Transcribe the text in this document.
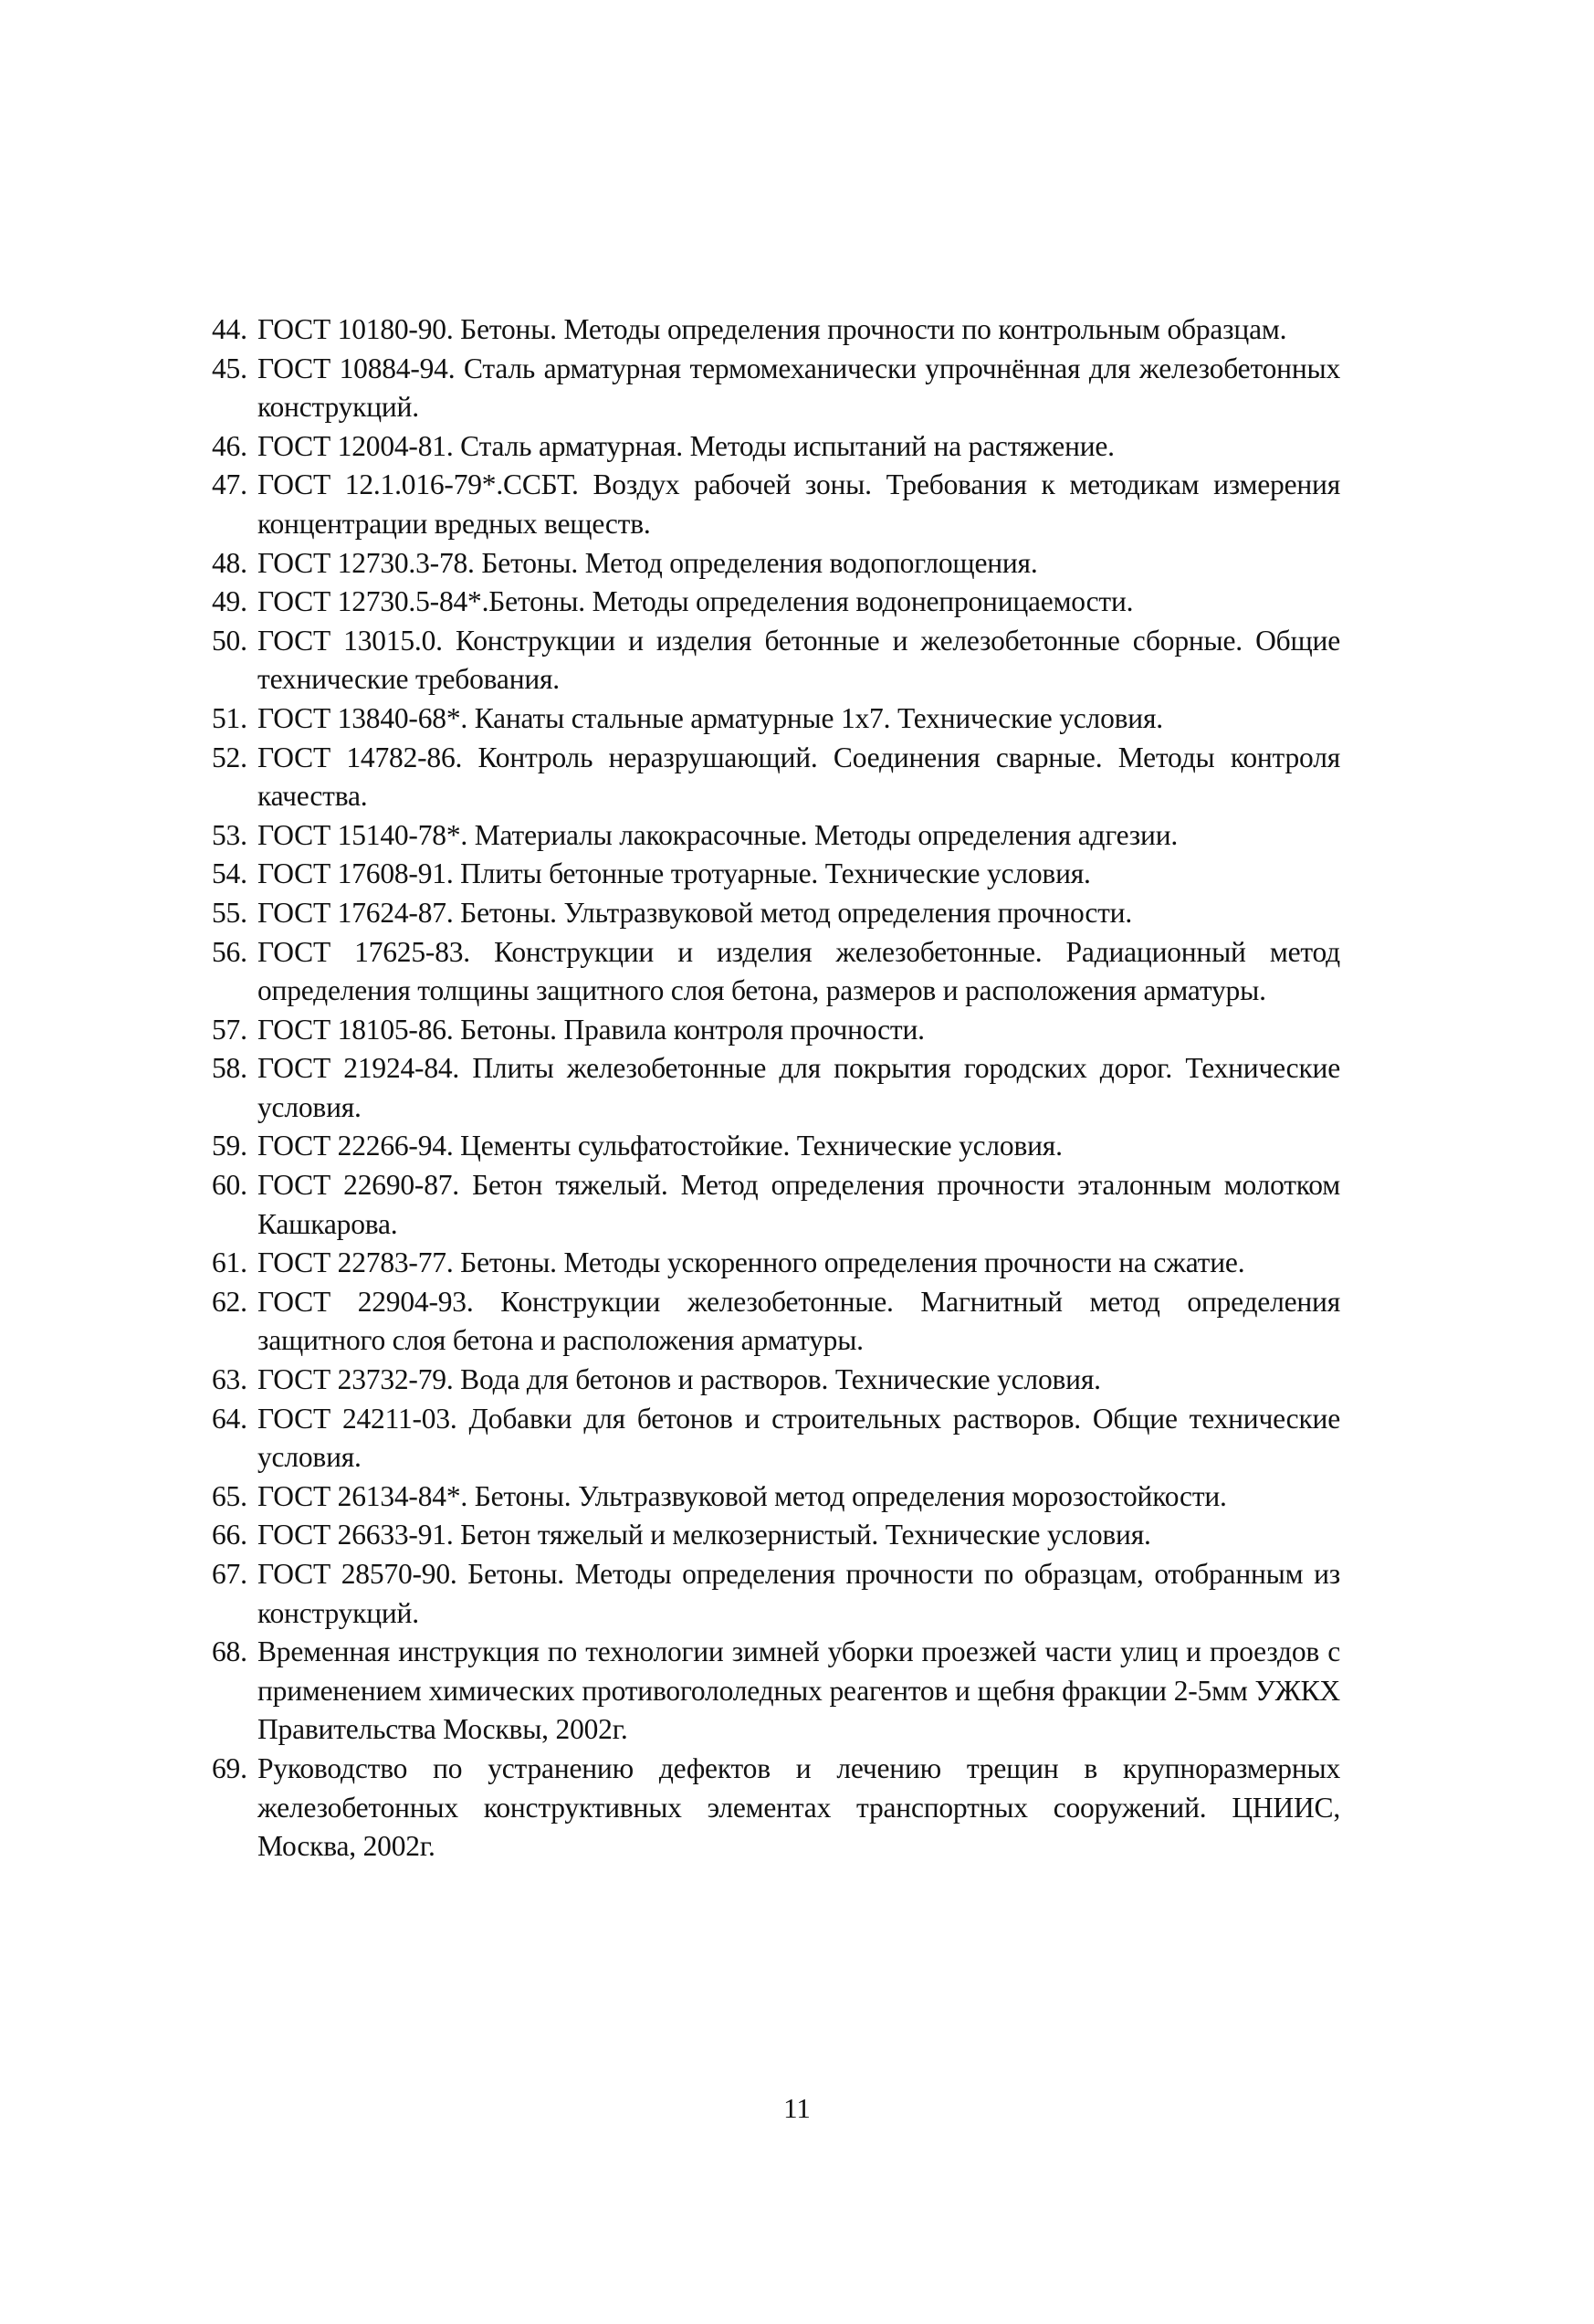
44. ГОСТ 10180-90. Бетоны. Методы определения прочности по контрольным образцам.
45. ГОСТ 10884-94. Сталь арматурная термомеханически упрочнённая для железобетонных конструкций.
46. ГОСТ 12004-81. Сталь арматурная. Методы испытаний на растяжение.
47. ГОСТ 12.1.016-79*.ССБТ. Воздух рабочей зоны. Требования к методикам измерения концентрации вредных веществ.
48. ГОСТ 12730.3-78. Бетоны. Метод определения водопоглощения.
49. ГОСТ 12730.5-84*.Бетоны. Методы определения водонепроницаемости.
50. ГОСТ 13015.0. Конструкции и изделия бетонные и железобетонные сборные. Общие технические требования.
51. ГОСТ 13840-68*. Канаты стальные арматурные 1х7. Технические условия.
52. ГОСТ 14782-86. Контроль неразрушающий. Соединения сварные. Методы контроля качества.
53. ГОСТ 15140-78*. Материалы лакокрасочные. Методы определения адгезии.
54. ГОСТ 17608-91. Плиты бетонные тротуарные. Технические условия.
55. ГОСТ 17624-87. Бетоны. Ультразвуковой метод определения прочности.
56. ГОСТ 17625-83. Конструкции и изделия железобетонные. Радиационный метод определения толщины защитного слоя бетона, размеров и расположения арматуры.
57. ГОСТ 18105-86. Бетоны. Правила контроля прочности.
58. ГОСТ 21924-84. Плиты железобетонные для покрытия городских дорог. Технические условия.
59. ГОСТ 22266-94. Цементы сульфатостойкие. Технические условия.
60. ГОСТ 22690-87. Бетон тяжелый. Метод определения прочности эталонным молотком Кашкарова.
61. ГОСТ 22783-77. Бетоны. Методы ускоренного определения прочности на сжатие.
62. ГОСТ 22904-93. Конструкции железобетонные. Магнитный метод определения защитного слоя бетона и расположения арматуры.
63. ГОСТ 23732-79. Вода для бетонов и растворов. Технические условия.
64. ГОСТ 24211-03. Добавки для бетонов и строительных растворов. Общие технические условия.
65. ГОСТ 26134-84*. Бетоны. Ультразвуковой метод определения морозостойкости.
66. ГОСТ 26633-91. Бетон тяжелый и мелкозернистый. Технические условия.
67. ГОСТ 28570-90. Бетоны. Методы определения прочности по образцам, отобранным из конструкций.
68. Временная инструкция по технологии зимней уборки проезжей части улиц и проездов с применением химических противогололедных реагентов и щебня фракции 2-5мм УЖКХ Правительства Москвы, 2002г.
69. Руководство по устранению дефектов и лечению трещин в крупноразмерных железобетонных конструктивных элементах транспортных сооружений. ЦНИИС, Москва, 2002г.
11
